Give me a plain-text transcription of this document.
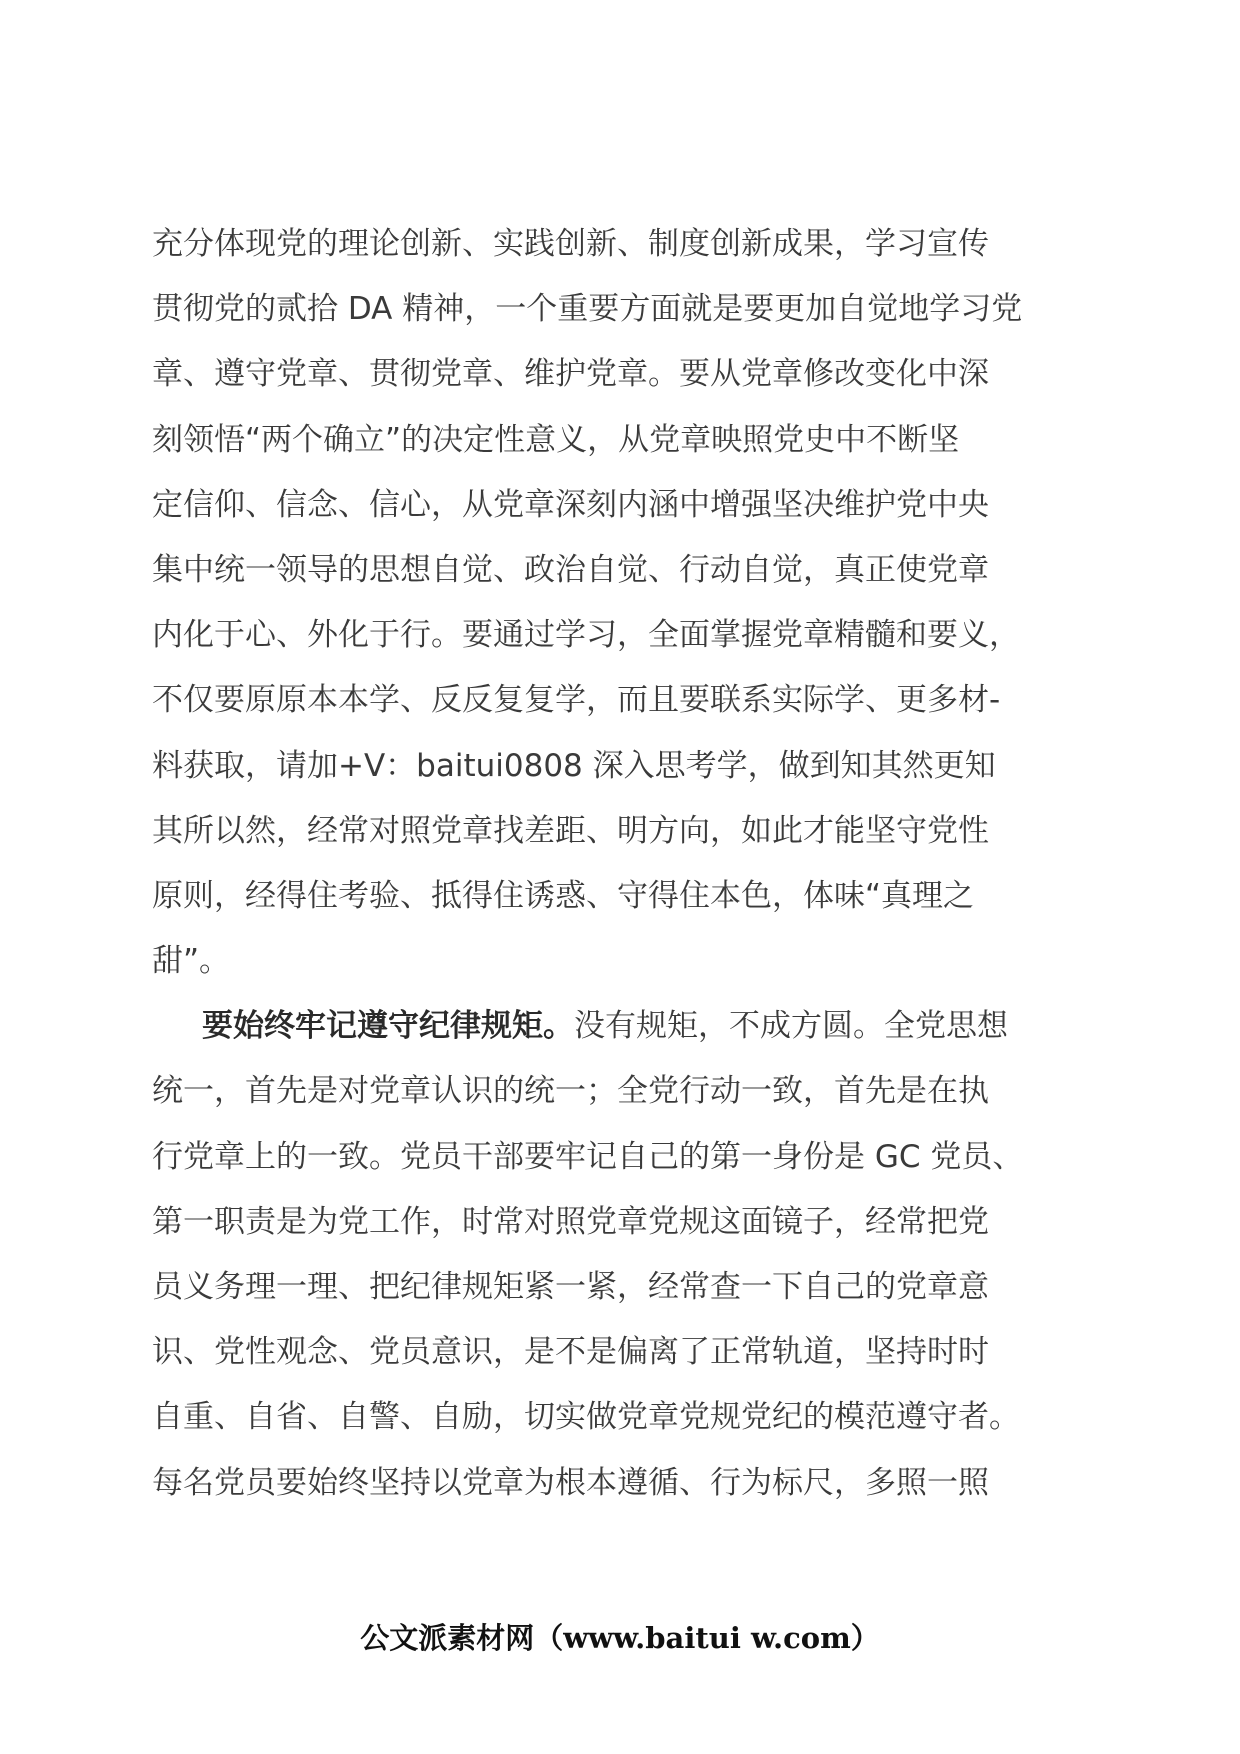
充分体现党的理论创新、实践创新、制度创新成果，学习宣传
贯彻党的贰拾 DA 精神，一个重要方面就是要更加自觉地学习党
章、遵守党章、贯彻党章、维护党章。要从党章修改变化中深
刻领悟“两个确立”的决定性意义，从党章映照党史中不断坚
定信仰、信念、信心，从党章深刻内涵中增强坚决维护党中央
集中统一领导的思想自觉、政治自觉、行动自觉，真正使党章
内化于心、外化于行。要通过学习，全面掌握党章精髓和要义，
不仅要原原本本学、反反复复学，而且要联系实际学、更多材-
料获取，请加+V：baitui0808 深入思考学，做到知其然更知
其所以然，经常对照党章找差距、明方向，如此才能坚守党性
原则，经得住考验、抵得住诱惑、守得住本色，体味“真理之
甜”。
要始终牢记遵守纪律规矩。没有规矩，不成方圆。全党思想
统一，首先是对党章认识的统一；全党行动一致，首先是在执
行党章上的一致。党员干部要牢记自己的第一身份是 GC 党员、
第一职责是为党工作，时常对照党章党规这面镜子，经常把党
员义务理一理、把纪律规矩紧一紧，经常查一下自己的党章意
识、党性观念、党员意识，是不是偏离了正常轨道，坚持时时
自重、自省、自警、自励，切实做党章党规党纪的模范遵守者。
每名党员要始终坚持以党章为根本遵循、行为标尺，多照一照
公文派素材网（www.baitui w.com）
